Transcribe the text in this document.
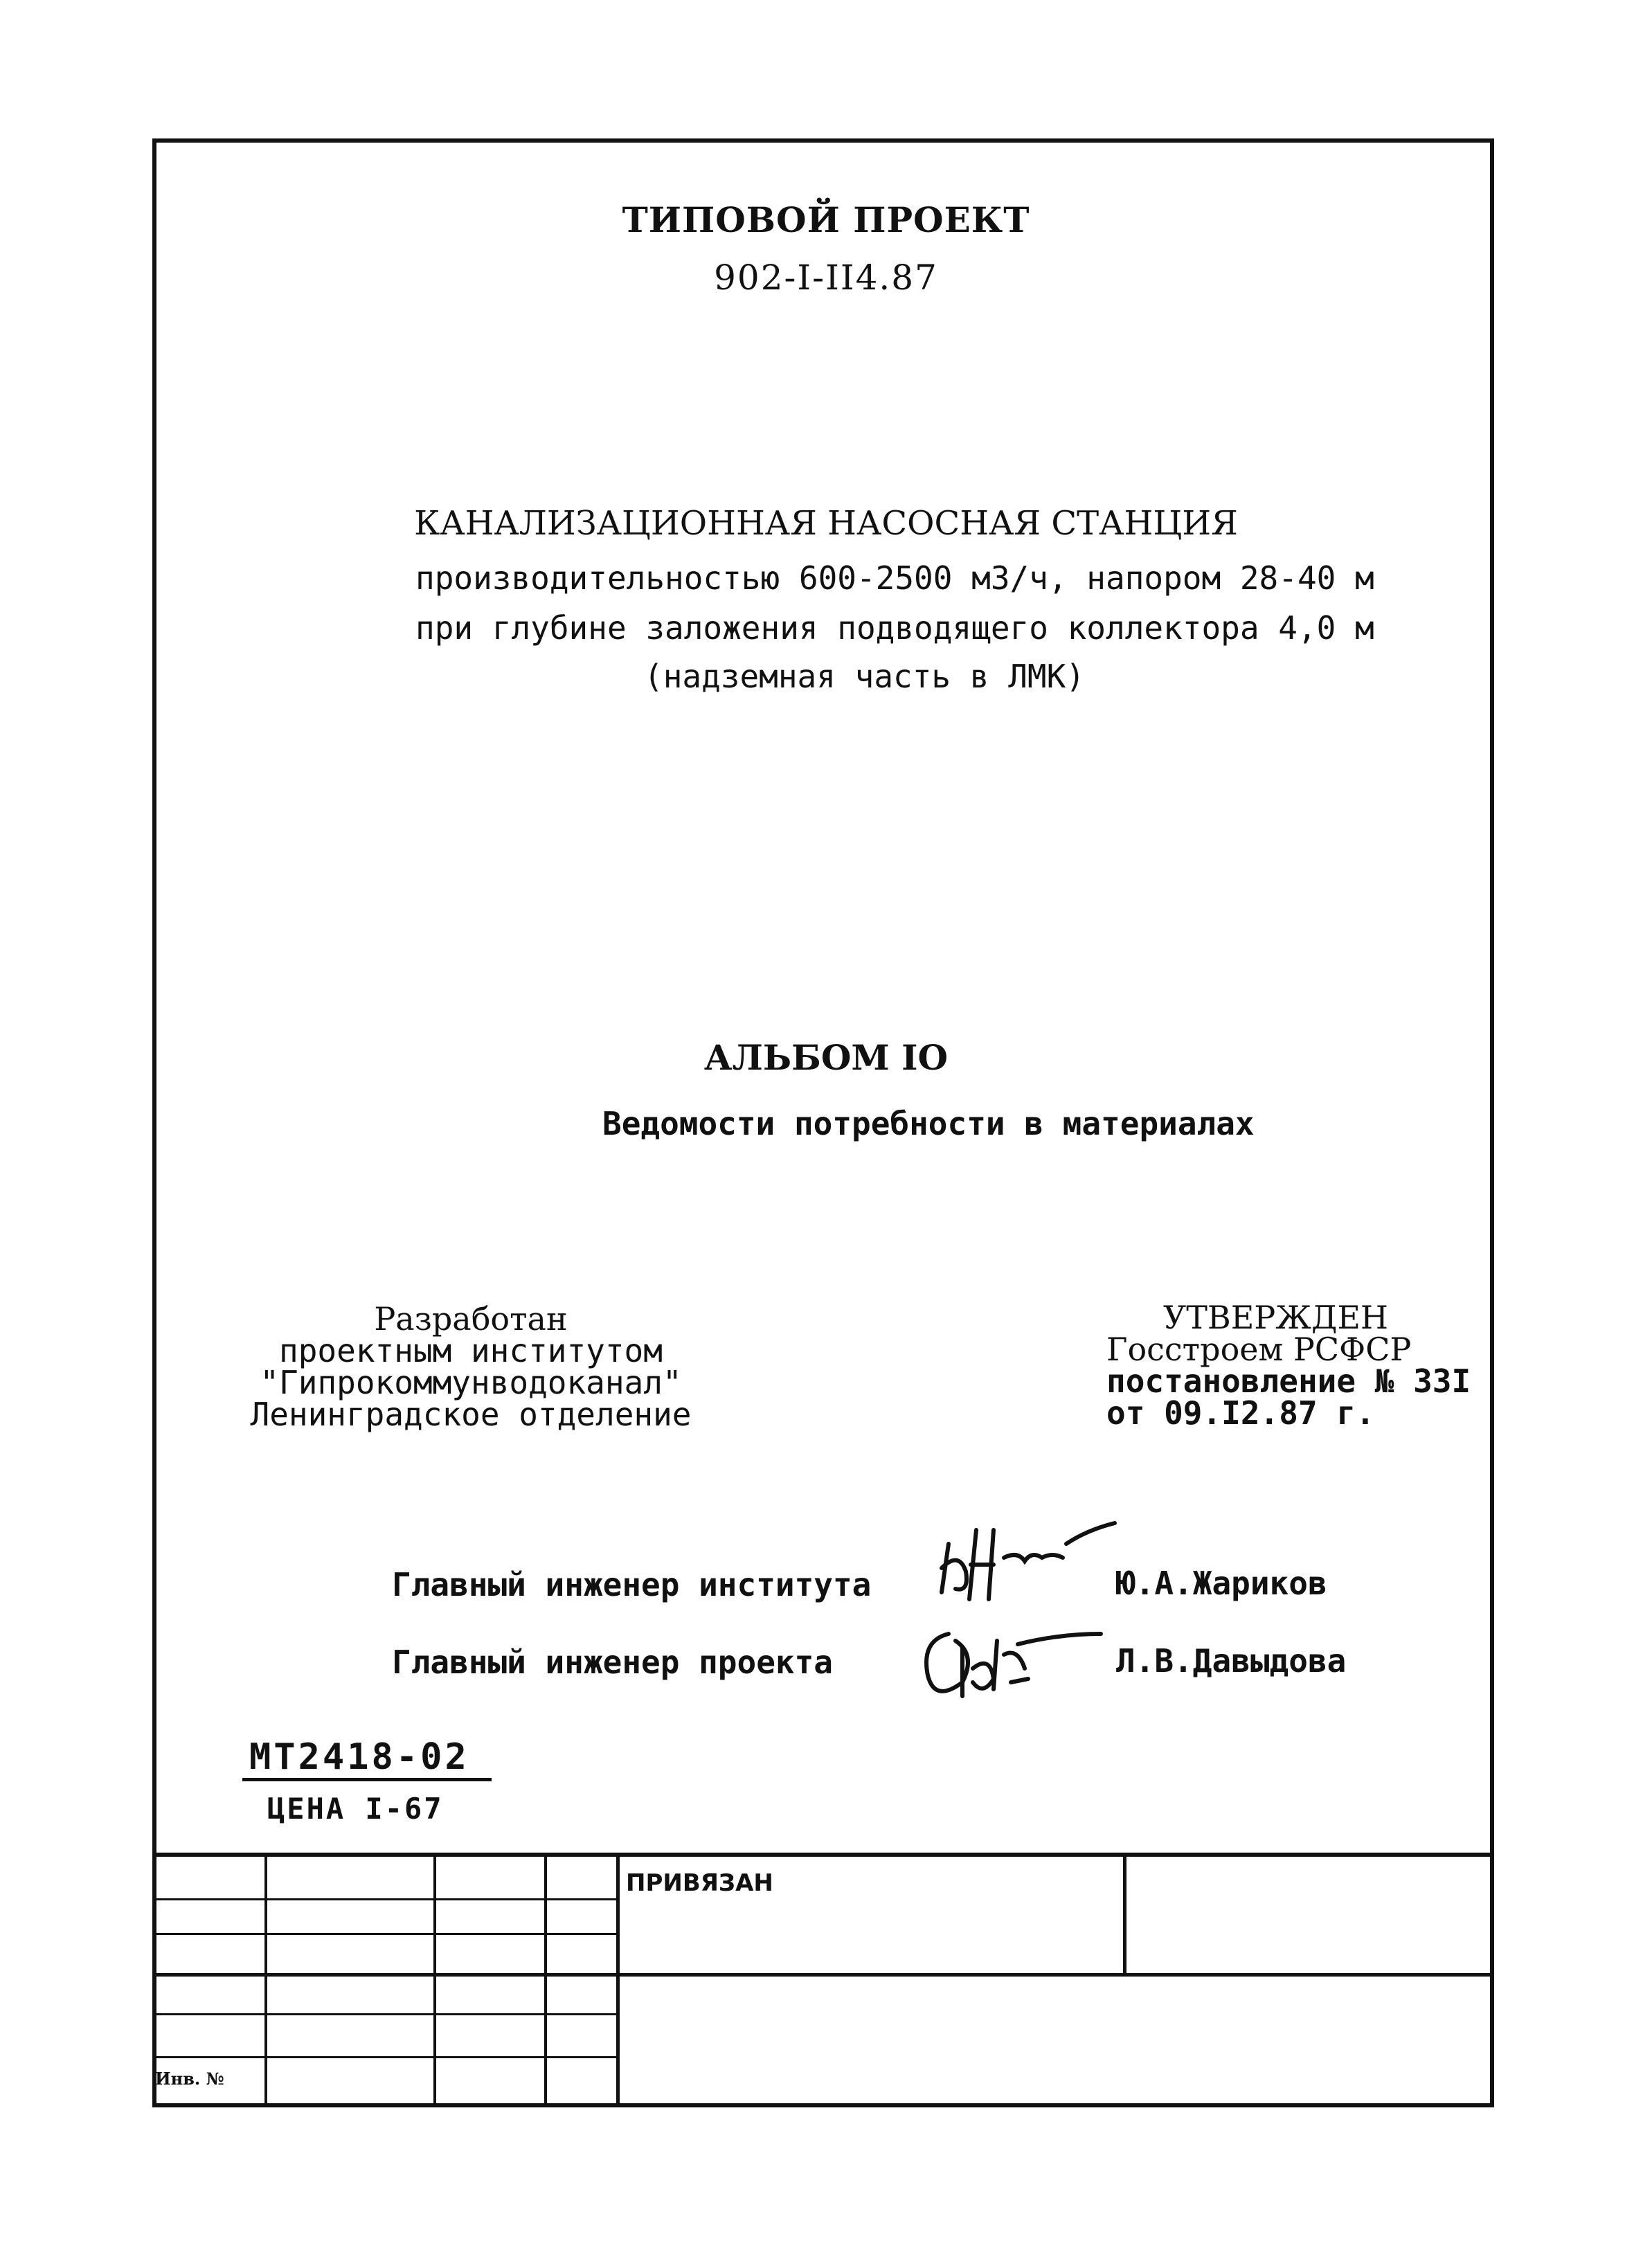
ТИПОВОЙ ПРОЕКТ
902-I-II4.87
КАНАЛИЗАЦИОННАЯ НАСОСНАЯ СТАНЦИЯ
производительностью 600-2500 м3/ч, напором 28-40 м
при глубине заложения подводящего коллектора 4,0 м
(надземная часть в ЛМК)
АЛЬБОМ IO
Ведомости потребности в материалах
Разработан
проектным институтом
"Гипрокоммунводоканал"
Ленинградское отделение
УТВЕРЖДЕН
Госстроем РСФСР
постановление № 33I
от 09.I2.87 г.
Главный инженер института	Ю.А.Жариков
Главный инженер проекта	Л.В.Давыдова
МТ2418-02
ЦЕНА I-67
ПРИВЯЗАН
Инв. №
